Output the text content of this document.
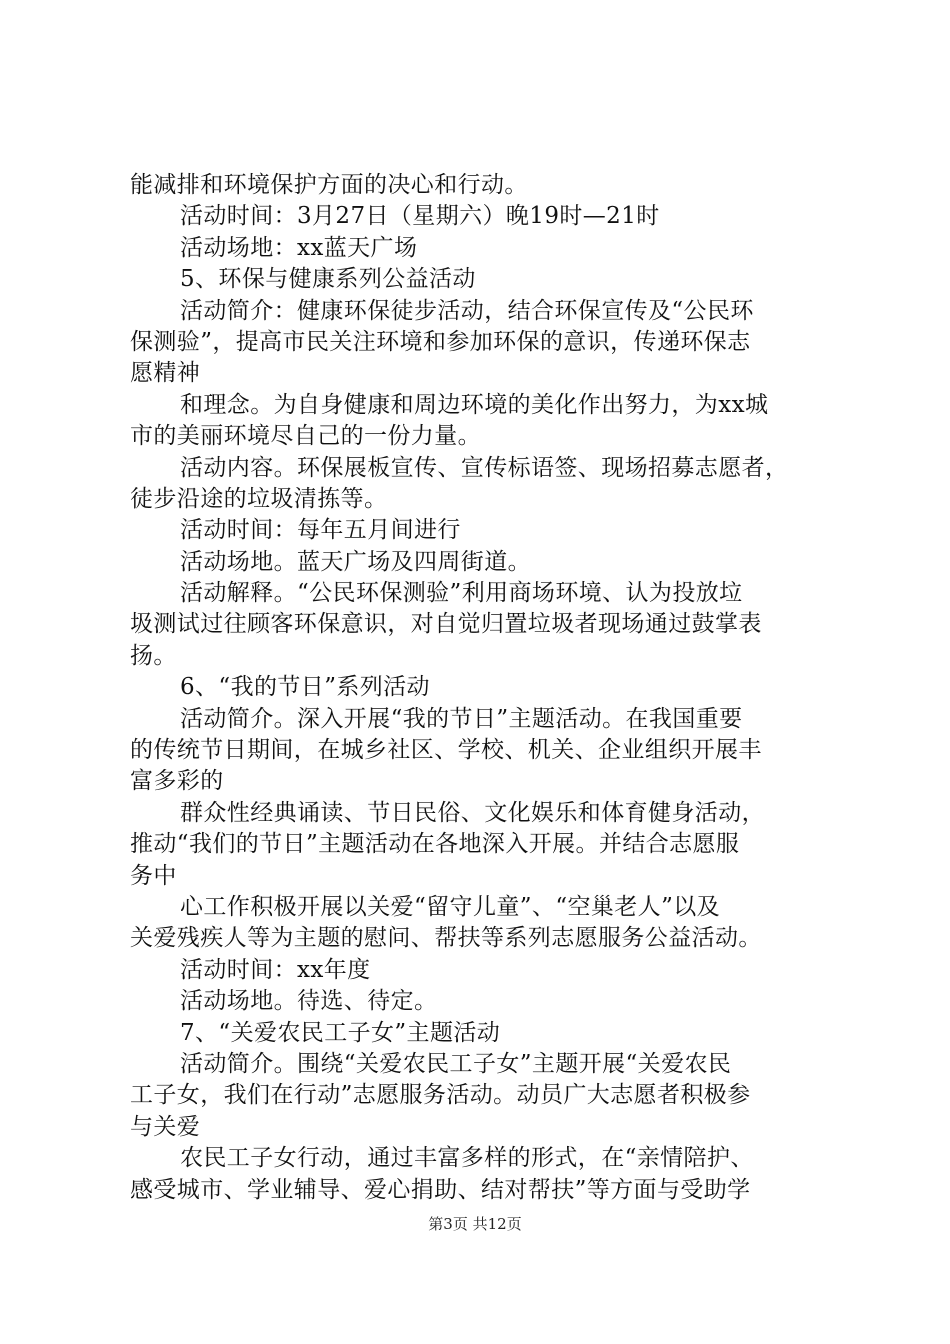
能减排和环境保护方面的决心和行动。
活动时间：3月27日（星期六）晚19时—21时
活动场地：xx蓝天广场
5、环保与健康系列公益活动
活动简介：健康环保徒步活动，结合环保宣传及“公民环
保测验”，提高市民关注环境和参加环保的意识，传递环保志
愿精神
和理念。为自身健康和周边环境的美化作出努力，为xx城
市的美丽环境尽自己的一份力量。
活动内容。环保展板宣传、宣传标语签、现场招募志愿者，
徒步沿途的垃圾清拣等。
活动时间：每年五月间进行
活动场地。蓝天广场及四周街道。
活动解释。“公民环保测验”利用商场环境、认为投放垃
圾测试过往顾客环保意识，对自觉归置垃圾者现场通过鼓掌表
扬。
6、“我的节日”系列活动
活动简介。深入开展“我的节日”主题活动。在我国重要
的传统节日期间，在城乡社区、学校、机关、企业组织开展丰
富多彩的
群众性经典诵读、节日民俗、文化娱乐和体育健身活动，
推动“我们的节日”主题活动在各地深入开展。并结合志愿服
务中
心工作积极开展以关爱“留守儿童”、“空巢老人”以及
关爱残疾人等为主题的慰问、帮扶等系列志愿服务公益活动。
活动时间：xx年度
活动场地。待选、待定。
7、“关爱农民工子女”主题活动
活动简介。围绕“关爱农民工子女”主题开展“关爱农民
工子女，我们在行动”志愿服务活动。动员广大志愿者积极参
与关爱
农民工子女行动，通过丰富多样的形式，在“亲情陪护、
感受城市、学业辅导、爱心捐助、结对帮扶”等方面与受助学
第3页 共12页
